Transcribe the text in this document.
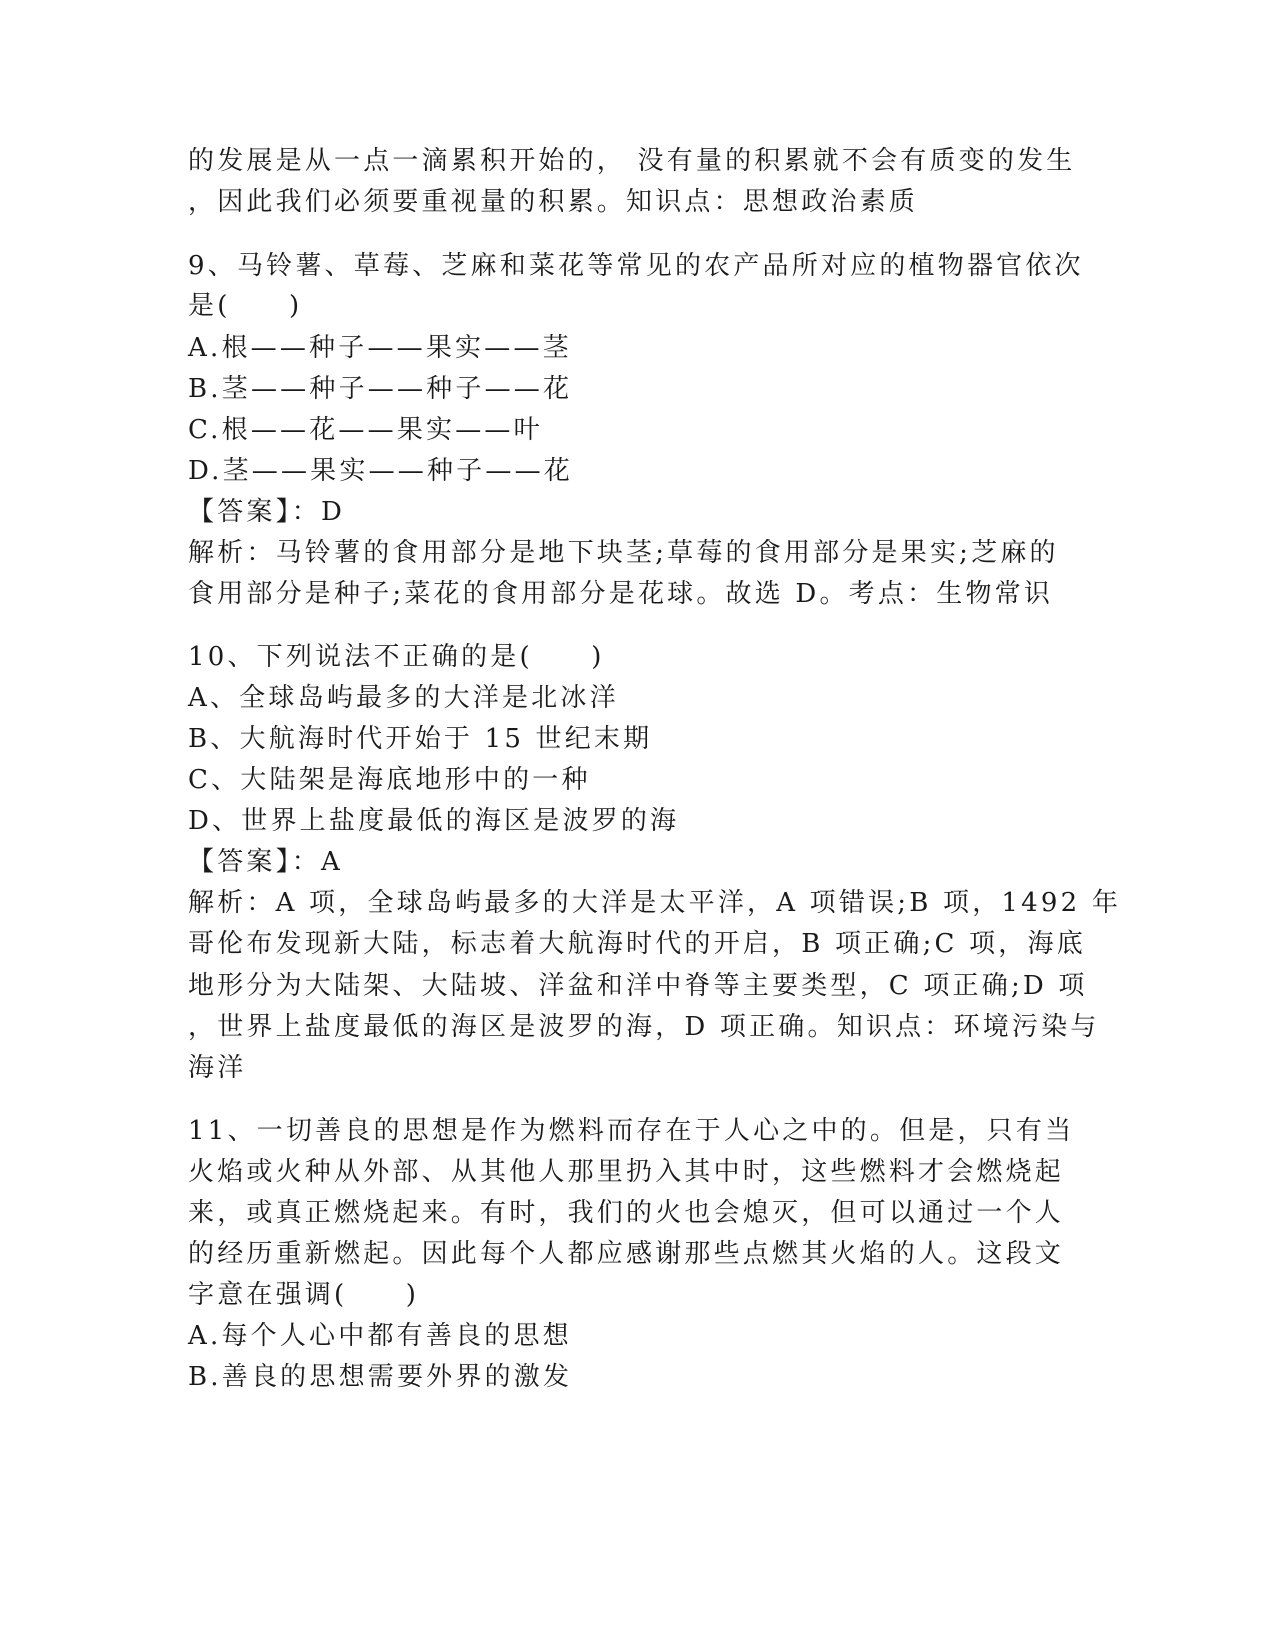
的发展是从一点一滴累积开始的， 没有量的积累就不会有质变的发生
，因此我们必须要重视量的积累。知识点：思想政治素质
9、马铃薯、草莓、芝麻和菜花等常见的农产品所对应的植物器官依次
是(　　)
A.根——种子——果实——茎
B.茎——种子——种子——花
C.根——花——果实——叶
D.茎——果实——种子——花
【答案】：D
解析：马铃薯的食用部分是地下块茎;草莓的食用部分是果实;芝麻的
食用部分是种子;菜花的食用部分是花球。故选 D。考点：生物常识
10、下列说法不正确的是(　　)
A、全球岛屿最多的大洋是北冰洋
B、大航海时代开始于 15 世纪末期
C、大陆架是海底地形中的一种
D、世界上盐度最低的海区是波罗的海
【答案】：A
解析：A 项，全球岛屿最多的大洋是太平洋，A 项错误;B 项，1492 年
哥伦布发现新大陆，标志着大航海时代的开启，B 项正确;C 项，海底
地形分为大陆架、大陆坡、洋盆和洋中脊等主要类型，C 项正确;D 项
，世界上盐度最低的海区是波罗的海，D 项正确。知识点：环境污染与
海洋
11、一切善良的思想是作为燃料而存在于人心之中的。但是，只有当
火焰或火种从外部、从其他人那里扔入其中时，这些燃料才会燃烧起
来，或真正燃烧起来。有时，我们的火也会熄灭，但可以通过一个人
的经历重新燃起。因此每个人都应感谢那些点燃其火焰的人。这段文
字意在强调(　　)
A.每个人心中都有善良的思想
B.善良的思想需要外界的激发
